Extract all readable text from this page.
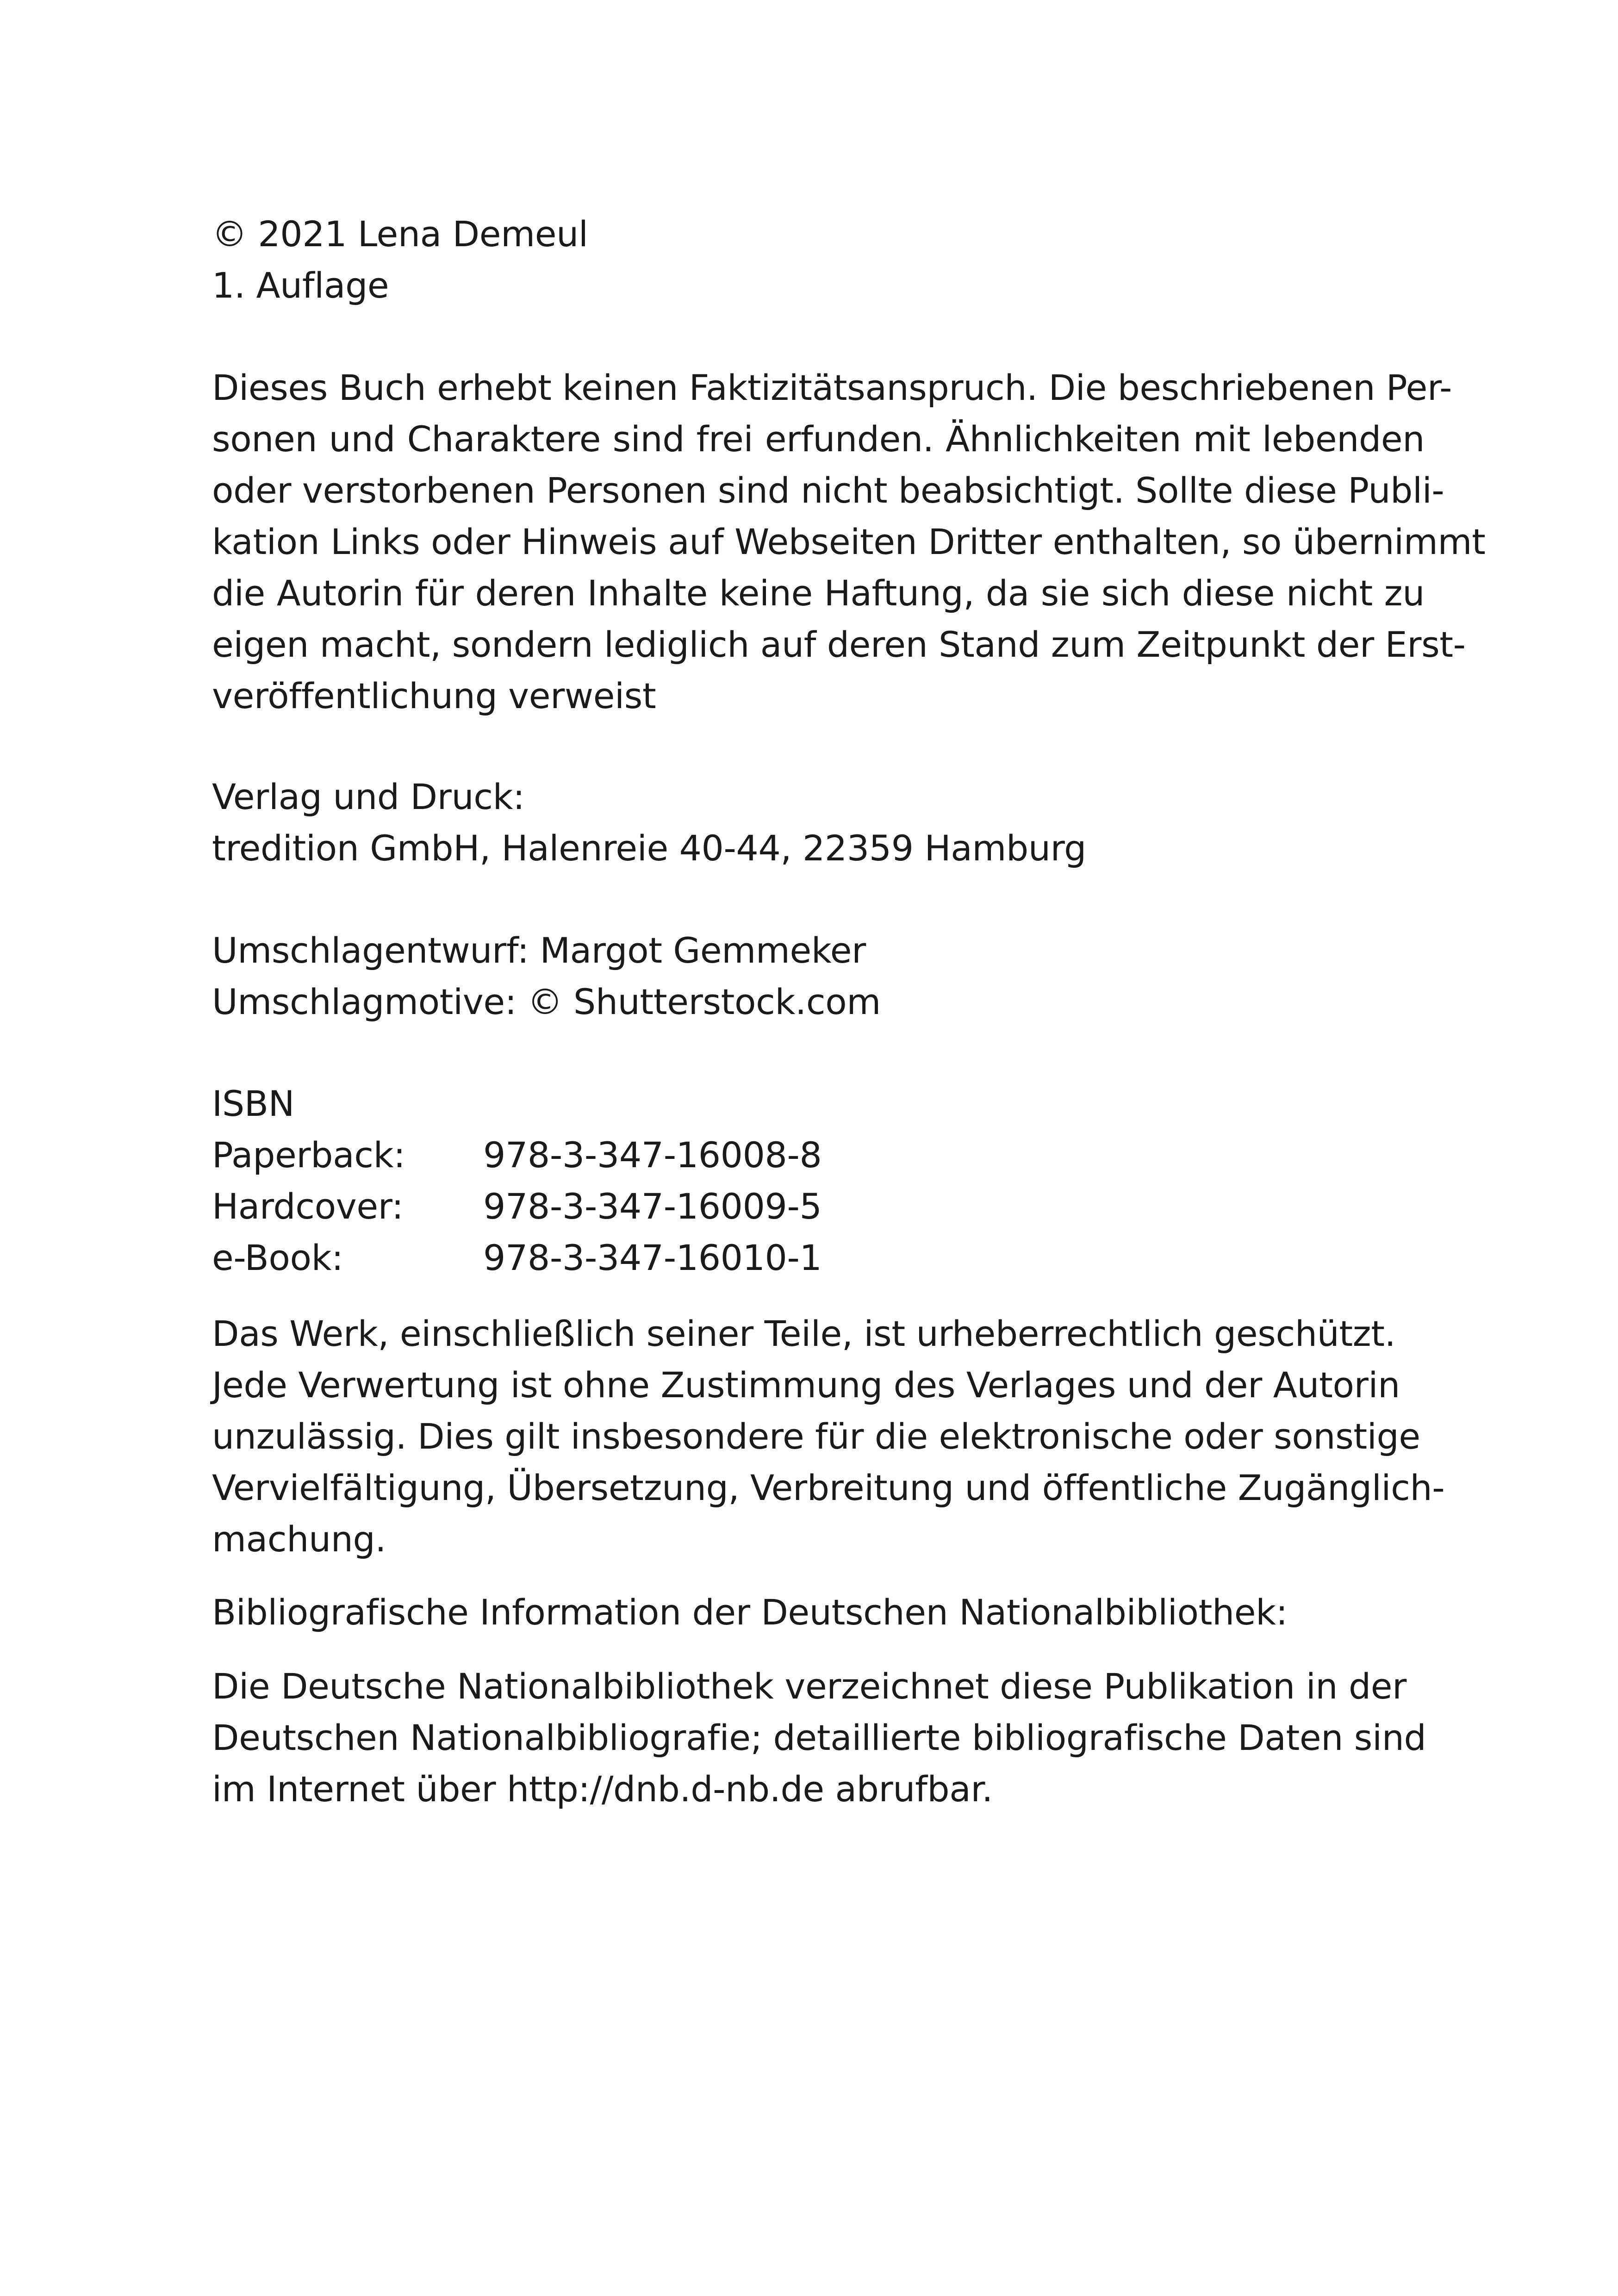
© 2021 Lena Demeul
1. Auflage
Dieses Buch erhebt keinen Faktizitätsanspruch. Die beschriebenen Per-
sonen und Charaktere sind frei erfunden. Ähnlichkeiten mit lebenden
oder verstorbenen Personen sind nicht beabsichtigt. Sollte diese Publi-
kation Links oder Hinweis auf Webseiten Dritter enthalten, so übernimmt
die Autorin für deren Inhalte keine Haftung, da sie sich diese nicht zu
eigen macht, sondern lediglich auf deren Stand zum Zeitpunkt der Erst-
veröffentlichung verweist
Verlag und Druck:
tredition GmbH, Halenreie 40-44, 22359 Hamburg
Umschlagentwurf: Margot Gemmeker
Umschlagmotive: © Shutterstock.com
ISBN
Paperback: 978-3-347-16008-8
Hardcover: 978-3-347-16009-5
e-Book:	978-3-347-16010-1
Das Werk, einschließlich seiner Teile, ist urheberrechtlich geschützt.
Jede Verwertung ist ohne Zustimmung des Verlages und der Autorin
unzulässig. Dies gilt insbesondere für die elektronische oder sonstige
Vervielfältigung, Übersetzung, Verbreitung und öffentliche Zugänglich-
machung.
Bibliografische Information der Deutschen Nationalbibliothek:
Die Deutsche Nationalbibliothek verzeichnet diese Publikation in der
Deutschen Nationalbibliografie; detaillierte bibliografische Daten sind
im Internet über http://dnb.d-nb.de abrufbar.
